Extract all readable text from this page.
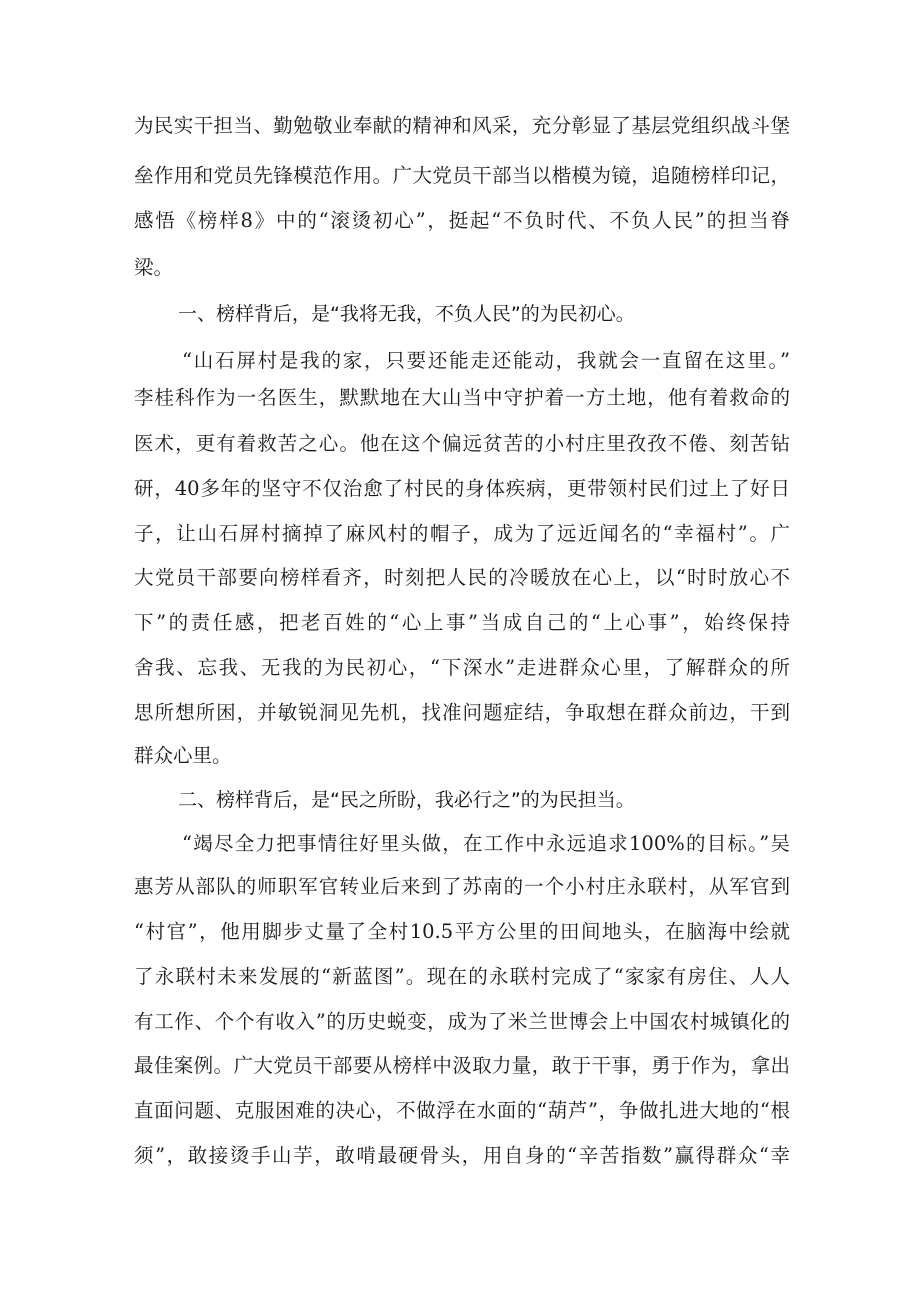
为民实干担当、勤勉敬业奉献的精神和风采，充分彰显了基层党组织战斗堡
垒作用和党员先锋模范作用。广大党员干部当以楷模为镜，追随榜样印记，
感悟《榜样8》中的“滚烫初心”，挺起“不负时代、不负人民”的担当脊
梁。
一、榜样背后，是“我将无我，不负人民”的为民初心。
“山石屏村是我的家，只要还能走还能动，我就会一直留在这里。”
李桂科作为一名医生，默默地在大山当中守护着一方土地，他有着救命的
医术，更有着救苦之心。他在这个偏远贫苦的小村庄里孜孜不倦、刻苦钻
研，40多年的坚守不仅治愈了村民的身体疾病，更带领村民们过上了好日
子，让山石屏村摘掉了麻风村的帽子，成为了远近闻名的“幸福村”。广
大党员干部要向榜样看齐，时刻把人民的冷暖放在心上，以“时时放心不
下”的责任感，把老百姓的“心上事”当成自己的“上心事”，始终保持
舍我、忘我、无我的为民初心，“下深水”走进群众心里，了解群众的所
思所想所困，并敏锐洞见先机，找准问题症结，争取想在群众前边，干到
群众心里。
二、榜样背后，是“民之所盼，我必行之”的为民担当。
“竭尽全力把事情往好里头做，在工作中永远追求100%的目标。”吴
惠芳从部队的师职军官转业后来到了苏南的一个小村庄永联村，从军官到
“村官”，他用脚步丈量了全村10.5平方公里的田间地头，在脑海中绘就
了永联村未来发展的“新蓝图”。现在的永联村完成了“家家有房住、人人
有工作、个个有收入”的历史蜕变，成为了米兰世博会上中国农村城镇化的
最佳案例。广大党员干部要从榜样中汲取力量，敢于干事，勇于作为，拿出
直面问题、克服困难的决心，不做浮在水面的“葫芦”，争做扎进大地的“根
须”，敢接烫手山芋，敢啃最硬骨头，用自身的“辛苦指数”赢得群众“幸
